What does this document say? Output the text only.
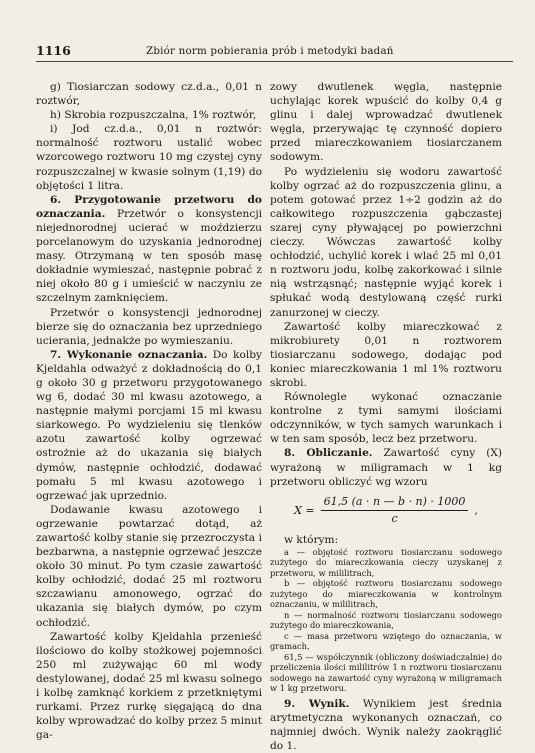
1116	Zbiór norm pobierania prób i metodyki badań

g) Tiosiarczan sodowy cz.d.a., 0,01 n roztwór,

h) Skrobia rozpuszczalna, 1% roztwór,

i) Jod cz.d.a., 0,01 n roztwór: normalność roztworu ustalić wobec wzorcowego roztworu 10 mg czystej cyny rozpuszczalnej w kwasie solnym (1,19) do objętości 1 litra.

6. Przygotowanie przetworu do oznaczania. Przetwór o konsystencji niejednorodnej ucierać w moździerzu porcelanowym do uzyskania jednorodnej masy. Otrzymaną w ten sposób masę dokładnie wymieszać, następnie pobrać z niej około 80 g i umieścić w naczyniu ze szczelnym zamknięciem.

Przetwór o konsystencji jednorodnej bierze się do oznaczania bez uprzedniego ucierania, jednakże po wymieszaniu.

7. Wykonanie oznaczania. Do kolby Kjeldahla odważyć z dokładnością do 0,1 g około 30 g przetworu przygotowanego wg 6, dodać 30 ml kwasu azotowego, a następnie małymi porcjami 15 ml kwasu siarkowego. Po wydzieleniu się tlenków azotu zawartość kolby ogrzewać ostrożnie aż do ukazania się białych dymów, następnie ochłodzić, dodawać pomału 5 ml kwasu azotowego i ogrzewać jak uprzednio.

Dodawanie kwasu azotowego i ogrzewanie powtarzać dotąd, aż zawartość kolby stanie się przezroczysta i bezbarwna, a następnie ogrzewać jeszcze około 30 minut. Po tym czasie zawartość kolby ochłodzić, dodać 25 ml roztworu szczawianu amonowego, ogrzać do ukazania się białych dymów, po czym ochłodzić.

Zawartość kolby Kjeldahla przenieść ilościowo do kolby stożkowej pojemności 250 ml zużywając 60 ml wody destylowanej, dodać 25 ml kwasu solnego i kolbę zamknąć korkiem z przetkniętymi rurkami. Przez rurkę sięgającą do dna kolby wprowadzać do kolby przez 5 minut ga-

zowy dwutlenek węgla, następnie uchylając korek wpuścić do kolby 0,4 g glinu i dalej wprowadzać dwutlenek węgla, przerywając tę czynność dopiero przed miareczkowaniem tiosiarczanem sodowym.

Po wydzieleniu się wodoru zawartość kolby ogrzać aż do rozpuszczenia glinu, a potem gotować przez 1÷2 godzin aż do całkowitego rozpuszczenia gąbczastej szarej cyny pływającej po powierzchni cieczy. Wówczas zawartość kolby ochłodzić, uchylić korek i wlać 25 ml 0,01 n roztworu jodu, kolbę zakorkować i silnie nią wstrząsnąć; następnie wyjąć korek i spłukać wodą destylowaną część rurki zanurzonej w cieczy.

Zawartość kolby miareczkować z mikrobiurety 0,01 n roztworem tiosiarczanu sodowego, dodając pod koniec miareczkowania 1 ml 1% roztworu skrobi.

Równolegle wykonać oznaczanie kontrolne z tymi samymi ilościami odczynników, w tych samych warunkach i w ten sam sposób, lecz bez przetworu.

8. Obliczanie. Zawartość cyny (X) wyrażoną w miligramach w 1 kg przetworu obliczyć wg wzoru

$X = \frac{61,5 (a \cdot n — b \cdot n) \cdot 1000}{c}$ ,

w którym:

a — objętość roztworu tiosiarczanu sodowego zużytego do miareczkowania cieczy uzyskanej z przetworu, w mililitrach,

b — objętość roztworu tiosiarczanu sodowego zużytego do miareczkowania w kontrolnym oznaczaniu, w mililitrach,

n — normalność roztworu tiosiarczanu sodowego zużytego do miareczkowania,

c — masa przetworu wziętego do oznaczania, w gramach,

61,5 — współczynnik (obliczony doświadczalnie) do przeliczenia ilości mililitrów 1 n roztworu tiosiarczanu sodowego na zawartość cyny wyrażoną w miligramach w 1 kg przetworu.

9. Wynik. Wynikiem jest średnia arytmetyczna wykonanych oznaczań, co najmniej dwóch. Wynik należy zaokrąglić do 1.
